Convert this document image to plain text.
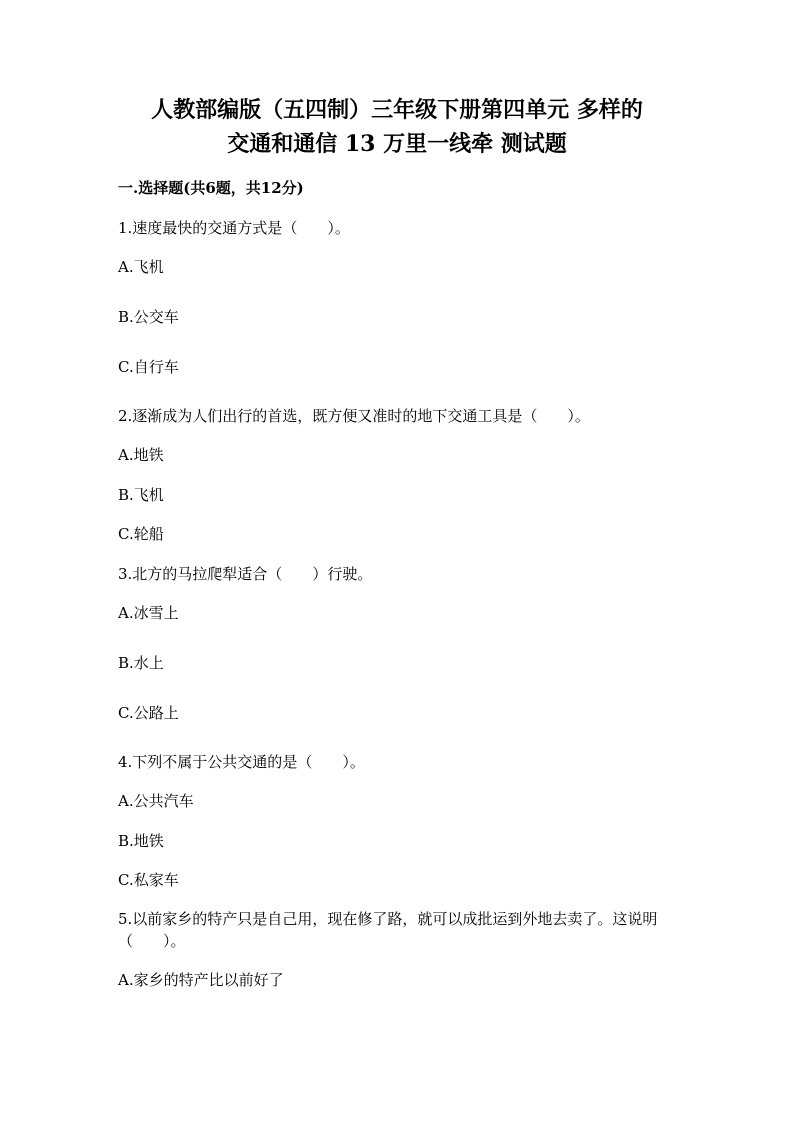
人教部编版（五四制）三年级下册第四单元 多样的
交通和通信 13 万里一线牵 测试题
一.选择题(共6题，共12分)
1.速度最快的交通方式是（　　）。
A.飞机
B.公交车
C.自行车
2.逐渐成为人们出行的首选，既方便又准时的地下交通工具是（　　）。
A.地铁
B.飞机
C.轮船
3.北方的马拉爬犁适合（　　）行驶。
A.冰雪上
B.水上
C.公路上
4.下列不属于公共交通的是（　　）。
A.公共汽车
B.地铁
C.私家车
5.以前家乡的特产只是自己用，现在修了路，就可以成批运到外地去卖了。这说明（　　）。
A.家乡的特产比以前好了
